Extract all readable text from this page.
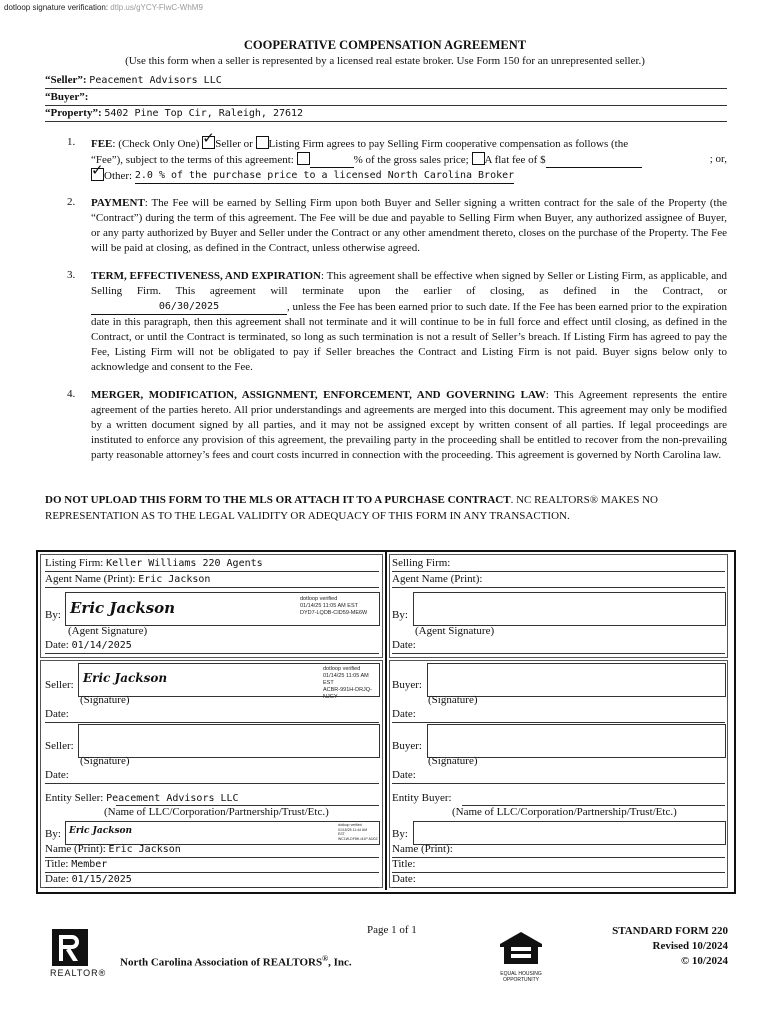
dotloop signature verification: dtlp.us/gYCY-FlwC-WhM9
COOPERATIVE COMPENSATION AGREEMENT
(Use this form when a seller is represented by a licensed real estate broker. Use Form 150 for an unrepresented seller.)
“Seller”: Peacement Advisors LLC
“Buyer”:
“Property”: 5402 Pine Top Cir, Raleigh, 27612
1. FEE: (Check Only One) ✓ Seller or Listing Firm agrees to pay Selling Firm cooperative compensation as follows (the
“Fee”), subject to the terms of this agreement:	% of the gross sales price; A flat fee of $	; or,
✓Other: 2.0 % of the purchase price to a licensed North Carolina Broker
2. PAYMENT: The Fee will be earned by Selling Firm upon both Buyer and Seller signing a written contract for the sale of the Property (the “Contract”) during the term of this agreement. The Fee will be due and payable to Selling Firm when Buyer, any authorized assignee of Buyer, or any party authorized by Buyer and Seller under the Contract or any other amendment thereto, closes on the purchase of the Property. The Fee will be paid at closing, as defined in the Contract, unless otherwise agreed.
3. TERM, EFFECTIVENESS, AND EXPIRATION: This agreement shall be effective when signed by Seller or Listing Firm, as applicable, and Selling Firm. This agreement will terminate upon the earlier of closing, as defined in the Contract, or 06/30/2025	, unless the Fee has been earned prior to such date. If the Fee has been earned prior to the expiration date in this paragraph, then this agreement shall not terminate and it will continue to be in full force and effect until closing, as defined in the Contract, or until the Contract is terminated, so long as such termination is not a result of Seller’s breach. If Listing Firm has agreed to pay the Fee, Listing Firm will not be obligated to pay if Seller breaches the Contract and Listing Firm is not paid. Buyer signs below only to acknowledge and consent to the Fee.
4. MERGER, MODIFICATION, ASSIGNMENT, ENFORCEMENT, AND GOVERNING LAW: This Agreement represents the entire agreement of the parties hereto. All prior understandings and agreements are merged into this document. This agreement may only be modified by a written document signed by all parties, and it may not be assigned except by written consent of all parties. If legal proceedings are instituted to enforce any provision of this agreement, the prevailing party in the proceeding shall be entitled to recover from the non-prevailing party reasonable attorney’s fees and court costs incurred in connection with the proceeding. This agreement is governed by North Carolina law.
DO NOT UPLOAD THIS FORM TO THE MLS OR ATTACH IT TO A PURCHASE CONTRACT. NC REALTORS® MAKES NO REPRESENTATION AS TO THE LEGAL VALIDITY OR ADEQUACY OF THIS FORM IN ANY TRANSACTION.
Listing Firm: Keller Williams 220 Agents
Agent Name (Print): Eric Jackson
By: Eric Jackson	dotloop verified
01/14/25 11:05 AM EST
DYD7-LQDB-CID59-ME6W
(Agent Signature)
Date: 01/14/2025
Selling Firm:
Agent Name (Print):
By:
(Agent Signature)
Date:
Seller: Eric Jackson
dotloop verified
01/14/25 11:05 AM
EST
ACBR-991H-DRJQ-NJGY
(Signature)
Date:
Buyer:
(Signature)
Date:
Seller:
(Signature)
Date:
Buyer:
(Signature)
Date:
Entity Seller: Peacement Advisors LLC
(Name of LLC/Corporation/Partnership/Trust/Etc.)
By: Eric Jackson
dotloop verified
01/15/25 11:44 AM
EST
WC1W-DF8H-I41P-MJ0Z
Name (Print): Eric Jackson
Title: Member
Date: 01/15/2025
Entity Buyer:
(Name of LLC/Corporation/Partnership/Trust/Etc.)
By:
Name (Print):
Title:
Date:
Page 1 of 1
REALTOR®
North Carolina Association of REALTORS®, Inc.
EQUAL HOUSING OPPORTUNITY
STANDARD FORM 220
Revised 10/2024
© 10/2024
